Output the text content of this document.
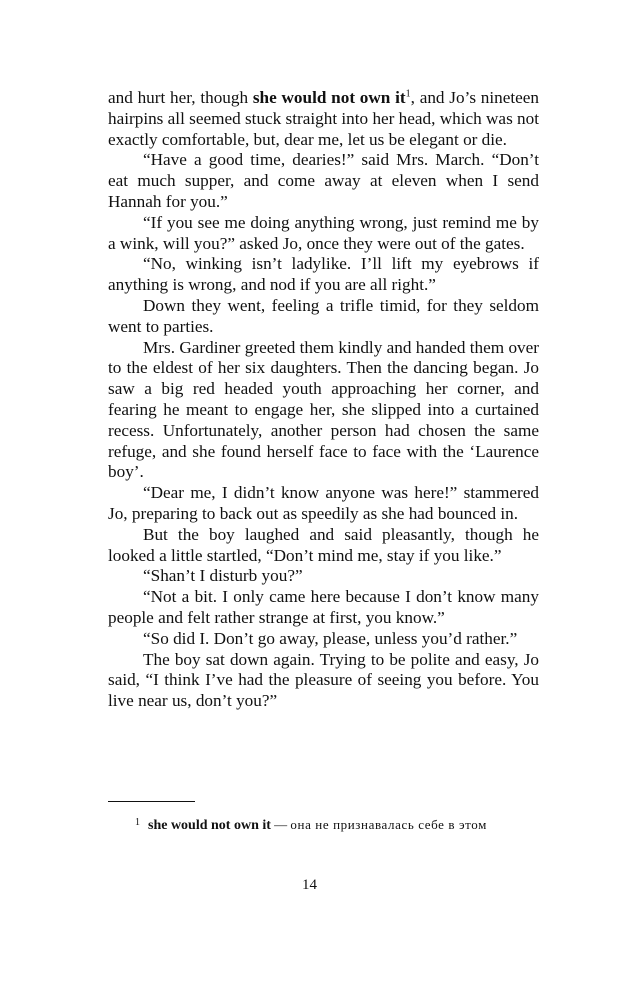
and hurt her, though she would not own $it^1$, and Jo’s nineteen hairpins all seemed stuck straight into her head, which was not exactly comfortable, but, dear me, let us be elegant or die.

“Have a good time, dearies!” said Mrs. March. “Don’t eat much supper, and come away at eleven when I send Hannah for you.”

“If you see me doing anything wrong, just remind me by a wink, will you?” asked Jo, once they were out of the gates.

“No, winking isn’t ladylike. I’ll lift my eyebrows if anything is wrong, and nod if you are all right.”

Down they went, feeling a trifle timid, for they seldom went to parties.

Mrs. Gardiner greeted them kindly and handed them over to the eldest of her six daughters. Then the dancing began. Jo saw a big red headed youth approaching her corner, and fearing he meant to engage her, she slipped into a curtained recess. Unfortunately, another person had chosen the same refuge, and she found herself face to face with the ‘Laurence boy’.

“Dear me, I didn’t know anyone was here!” stammered Jo, preparing to back out as speedily as she had bounced in.

But the boy laughed and said pleasantly, though he looked a little startled, “Don’t mind me, stay if you like.”

“Shan’t I disturb you?”

“Not a bit. I only came here because I don’t know many people and felt rather strange at first, you know.”

“So did I. Don’t go away, please, unless you’d rather.”

The boy sat down again. Trying to be polite and easy, Jo said, “I think I’ve had the pleasure of seeing you before. You live near us, don’t you?”

$^1$ she would not own it — она не признавалась себе в этом

14
